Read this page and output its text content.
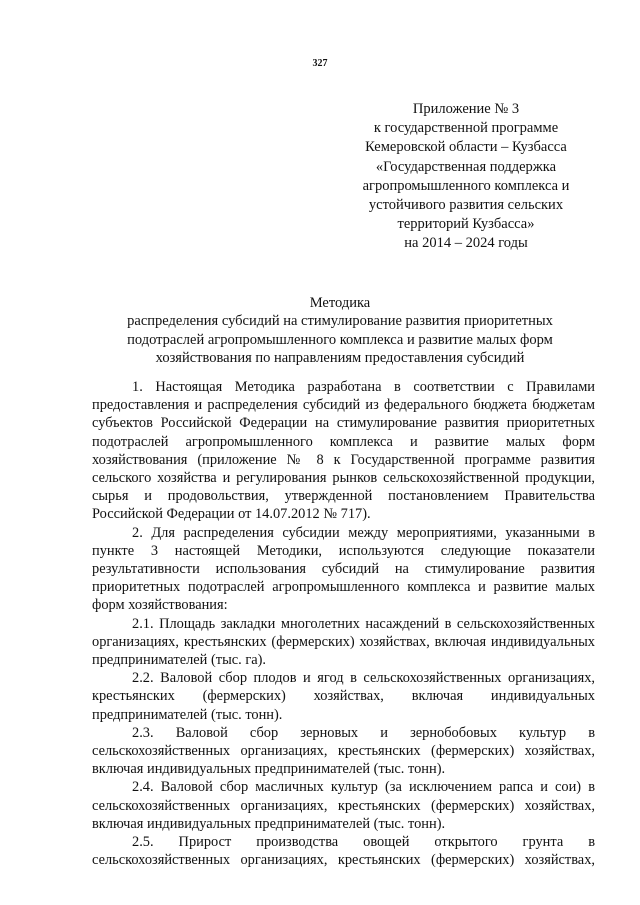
327
Приложение № 3
к государственной программе
Кемеровской области – Кузбасса
«Государственная поддержка
агропромышленного комплекса и
устойчивого развития сельских
территорий Кузбасса»
на 2014 – 2024 годы
Методика
распределения субсидий на стимулирование развития приоритетных
подотраслей агропромышленного комплекса и развитие малых форм
хозяйствования по направлениям предоставления субсидий

1. Настоящая Методика разработана в соответствии с Правилами предоставления и распределения субсидий из федерального бюджета бюджетам субъектов Российской Федерации на стимулирование развития приоритетных подотраслей агропромышленного комплекса и развитие малых форм хозяйствования (приложение № 8 к Государственной программе развития сельского хозяйства и регулирования рынков сельскохозяйственной продукции, сырья и продовольствия, утвержденной постановлением Правительства Российской Федерации от 14.07.2012 № 717).

2. Для распределения субсидии между мероприятиями, указанными в пункте 3 настоящей Методики, используются следующие показатели результативности использования субсидий на стимулирование развития приоритетных подотраслей агропромышленного комплекса и развитие малых форм хозяйствования:

2.1. Площадь закладки многолетних насаждений в сельскохозяйственных организациях, крестьянских (фермерских) хозяйствах, включая индивидуальных предпринимателей (тыс. га).

2.2. Валовой сбор плодов и ягод в сельскохозяйственных организациях, крестьянских (фермерских) хозяйствах, включая индивидуальных предпринимателей (тыс. тонн).

2.3. Валовой сбор зерновых и зернобобовых культур в сельскохозяйственных организациях, крестьянских (фермерских) хозяйствах, включая индивидуальных предпринимателей (тыс. тонн).

2.4. Валовой сбор масличных культур (за исключением рапса и сои) в сельскохозяйственных организациях, крестьянских (фермерских) хозяйствах, включая индивидуальных предпринимателей (тыс. тонн).

2.5. Прирост производства овощей открытого грунта в сельскохозяйственных организациях, крестьянских (фермерских) хозяйствах,
